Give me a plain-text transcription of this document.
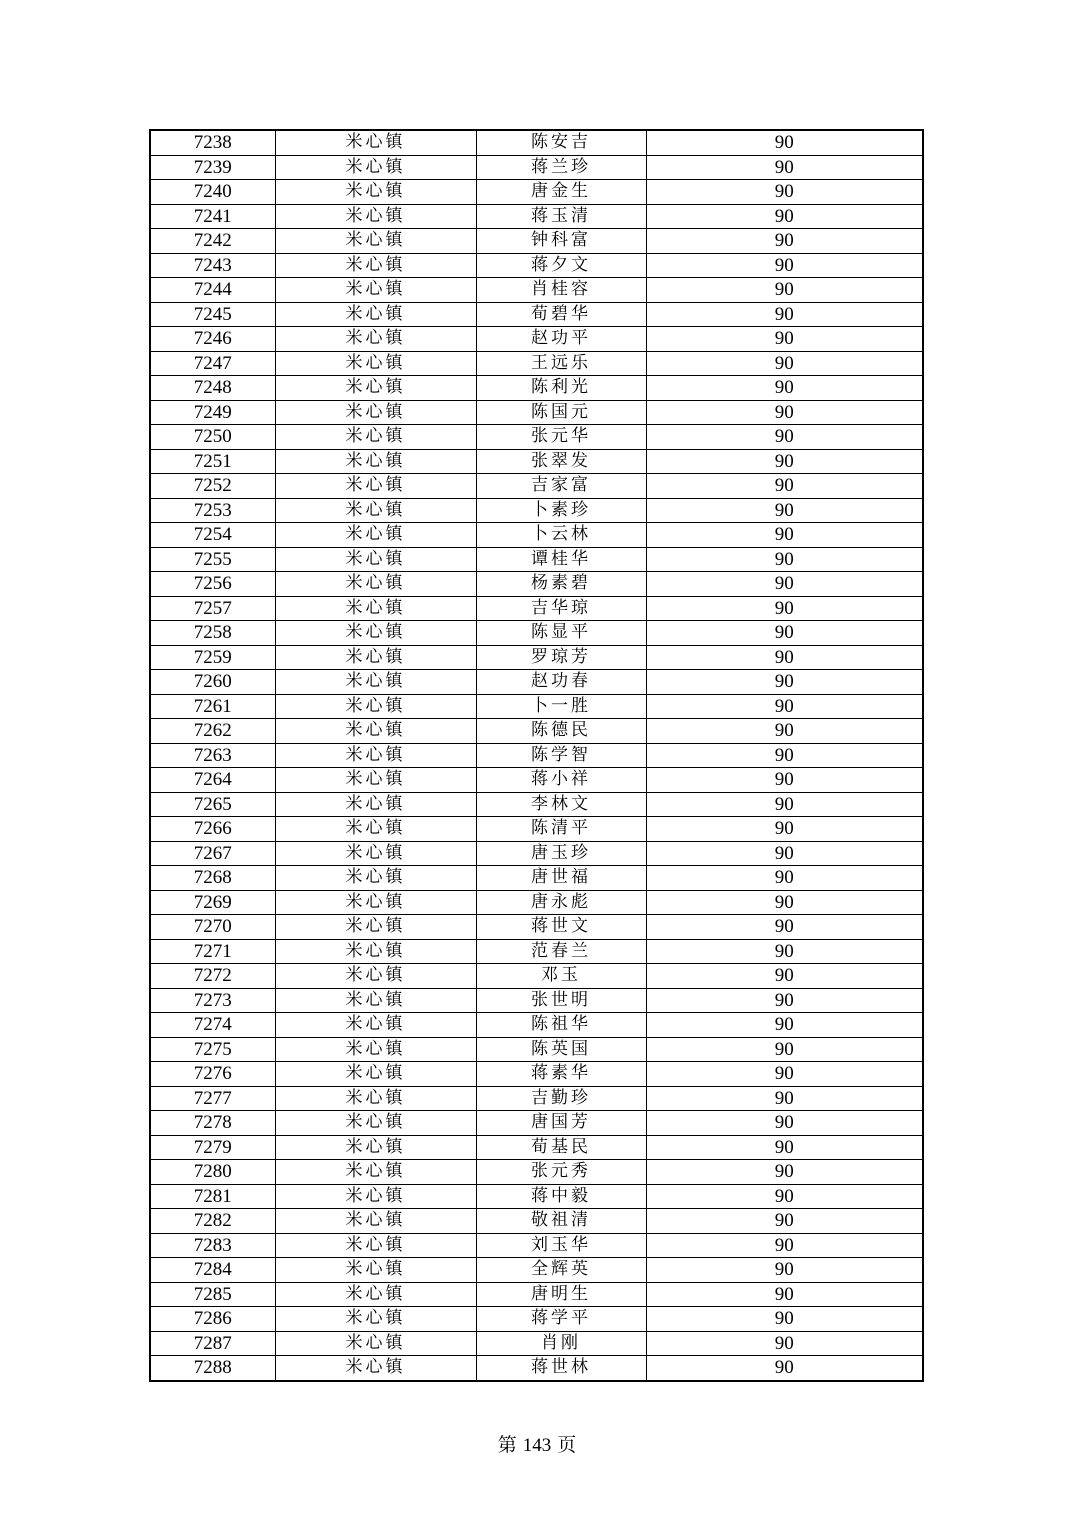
7238	米心镇	陈安吉	90
7239	米心镇	蒋兰珍	90
7240	米心镇	唐金生	90
7241	米心镇	蒋玉清	90
7242	米心镇	钟科富	90
7243	米心镇	蒋夕文	90
7244	米心镇	肖桂容	90
7245	米心镇	荀碧华	90
7246	米心镇	赵功平	90
7247	米心镇	王远乐	90
7248	米心镇	陈利光	90
7249	米心镇	陈国元	90
7250	米心镇	张元华	90
7251	米心镇	张翠发	90
7252	米心镇	吉家富	90
7253	米心镇	卜素珍	90
7254	米心镇	卜云林	90
7255	米心镇	谭桂华	90
7256	米心镇	杨素碧	90
7257	米心镇	吉华琼	90
7258	米心镇	陈显平	90
7259	米心镇	罗琼芳	90
7260	米心镇	赵功春	90
7261	米心镇	卜一胜	90
7262	米心镇	陈德民	90
7263	米心镇	陈学智	90
7264	米心镇	蒋小祥	90
7265	米心镇	李林文	90
7266	米心镇	陈清平	90
7267	米心镇	唐玉珍	90
7268	米心镇	唐世福	90
7269	米心镇	唐永彪	90
7270	米心镇	蒋世文	90
7271	米心镇	范春兰	90
7272	米心镇	邓玉	90
7273	米心镇	张世明	90
7274	米心镇	陈祖华	90
7275	米心镇	陈英国	90
7276	米心镇	蒋素华	90
7277	米心镇	吉勤珍	90
7278	米心镇	唐国芳	90
7279	米心镇	荀基民	90
7280	米心镇	张元秀	90
7281	米心镇	蒋中毅	90
7282	米心镇	敬祖清	90
7283	米心镇	刘玉华	90
7284	米心镇	全辉英	90
7285	米心镇	唐明生	90
7286	米心镇	蒋学平	90
7287	米心镇	肖刚	90
7288	米心镇	蒋世林	90
第 143 页
